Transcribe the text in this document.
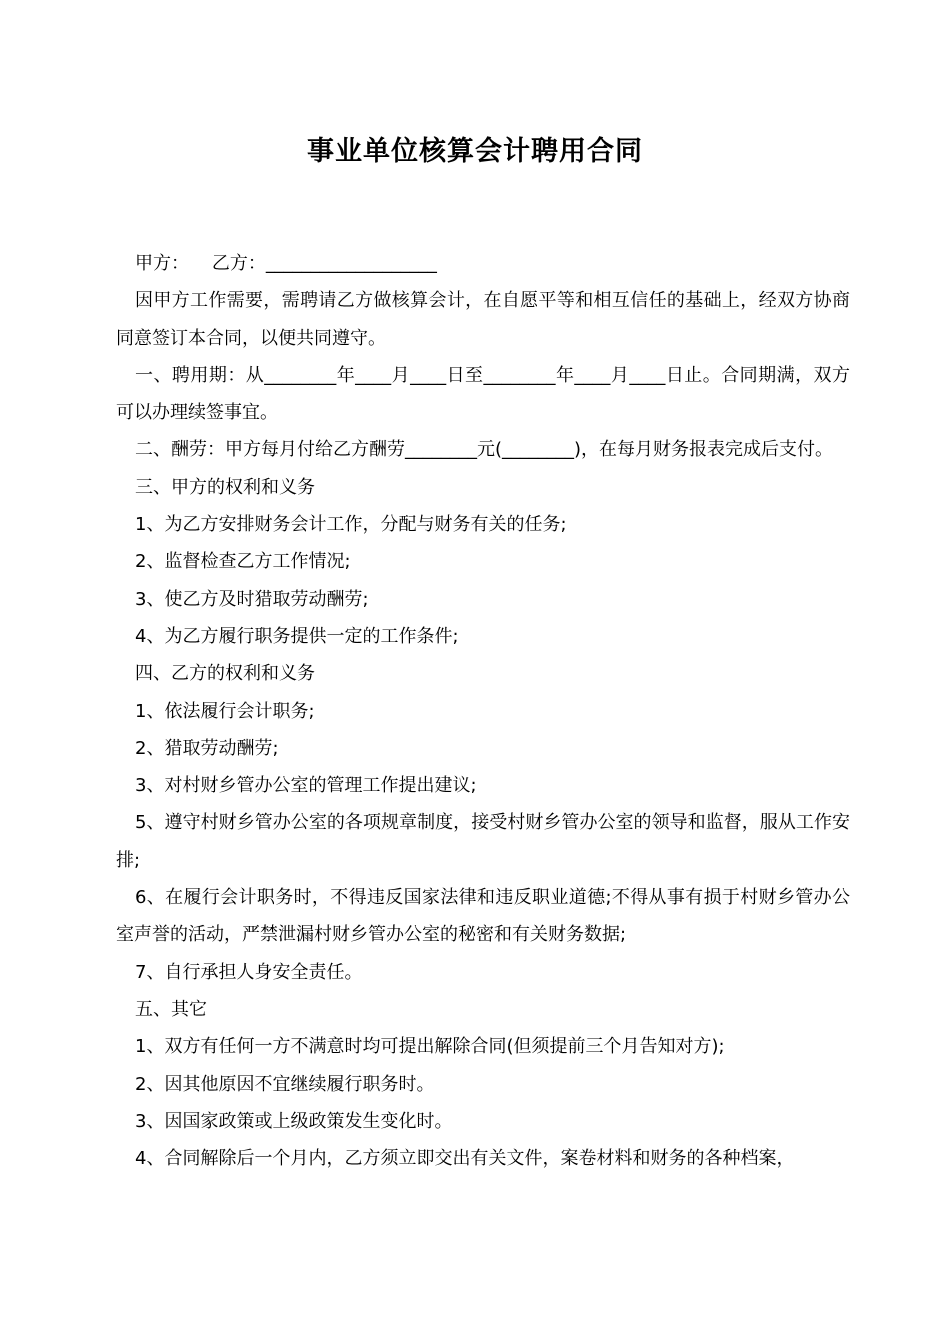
事业单位核算会计聘用合同

甲方：    乙方：___________________

因甲方工作需要，需聘请乙方做核算会计，在自愿平等和相互信任的基础上，经双方协商同意签订本合同，以便共同遵守。

一、聘用期：从________年____月____日至________年____月____日止。合同期满，双方可以办理续签事宜。

二、酬劳：甲方每月付给乙方酬劳________元(________)，在每月财务报表完成后支付。

三、甲方的权利和义务

1、为乙方安排财务会计工作，分配与财务有关的任务;

2、监督检查乙方工作情况;

3、使乙方及时猎取劳动酬劳;

4、为乙方履行职务提供一定的工作条件;

四、乙方的权利和义务

1、依法履行会计职务;

2、猎取劳动酬劳;

3、对村财乡管办公室的管理工作提出建议;

5、遵守村财乡管办公室的各项规章制度，接受村财乡管办公室的领导和监督，服从工作安排;

6、在履行会计职务时，不得违反国家法律和违反职业道德;不得从事有损于村财乡管办公室声誉的活动，严禁泄漏村财乡管办公室的秘密和有关财务数据;

7、自行承担人身安全责任。

五、其它

1、双方有任何一方不满意时均可提出解除合同(但须提前三个月告知对方);

2、因其他原因不宜继续履行职务时。

3、因国家政策或上级政策发生变化时。

4、合同解除后一个月内，乙方须立即交出有关文件，案卷材料和财务的各种档案，
